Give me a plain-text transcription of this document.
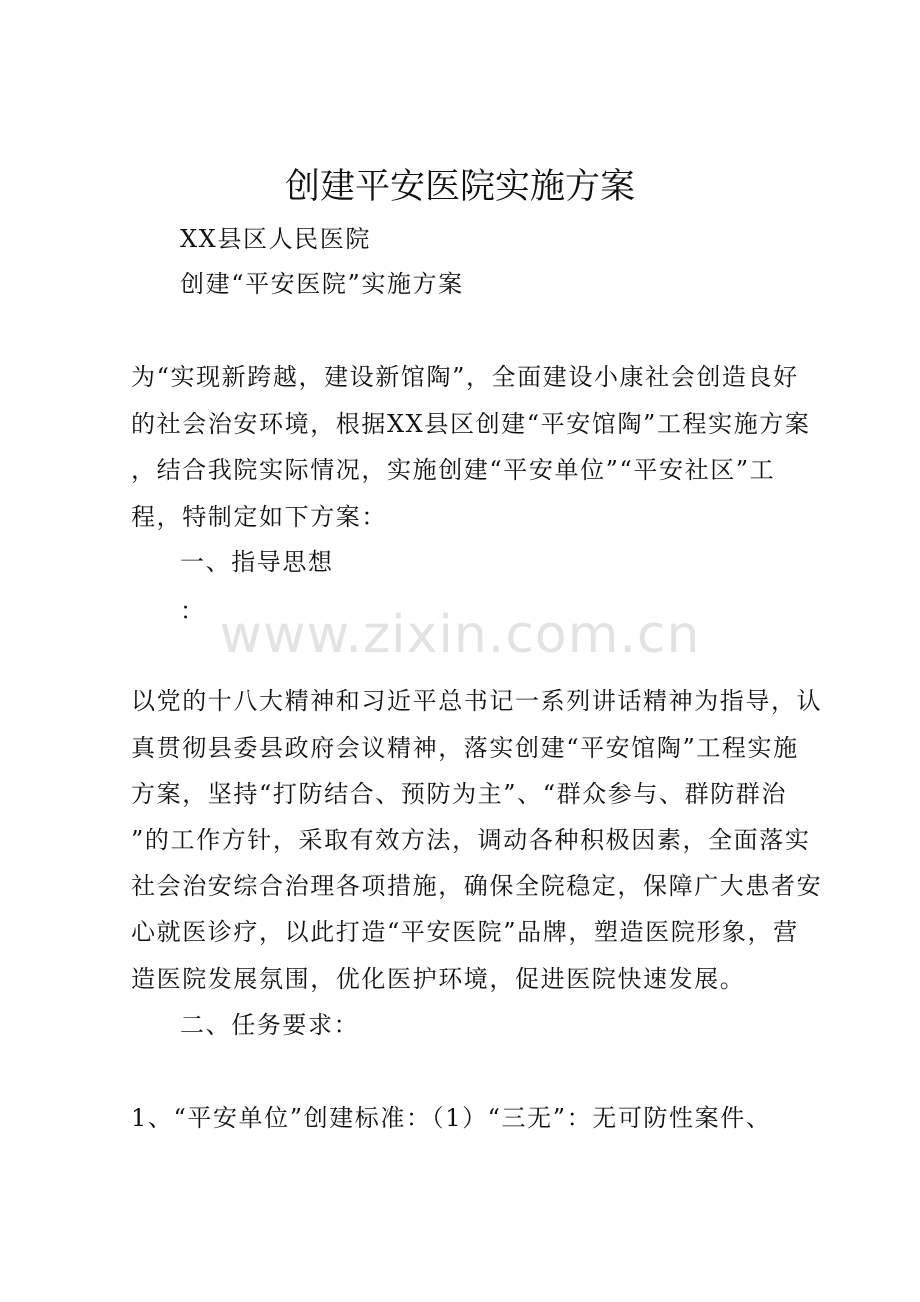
创建平安医院实施方案
XX县区人民医院
创建“平安医院”实施方案
为“实现新跨越，建设新馆陶”，全面建设小康社会创造良好
的社会治安环境，根据XX县区创建“平安馆陶”工程实施方案
，结合我院实际情况，实施创建“平安单位”“平安社区”工
程，特制定如下方案：
一、指导思想
： www.zixin.com.cn
以党的十八大精神和习近平总书记一系列讲话精神为指导，认
真贯彻县委县政府会议精神，落实创建“平安馆陶”工程实施
方案，坚持“打防结合、预防为主”、“群众参与、群防群治
”的工作方针，采取有效方法，调动各种积极因素，全面落实
社会治安综合治理各项措施，确保全院稳定，保障广大患者安
心就医诊疗，以此打造“平安医院”品牌，塑造医院形象，营
造医院发展氛围，优化医护环境，促进医院快速发展。
二、任务要求：
1、“平安单位”创建标准：（1）“三无”：无可防性案件、
